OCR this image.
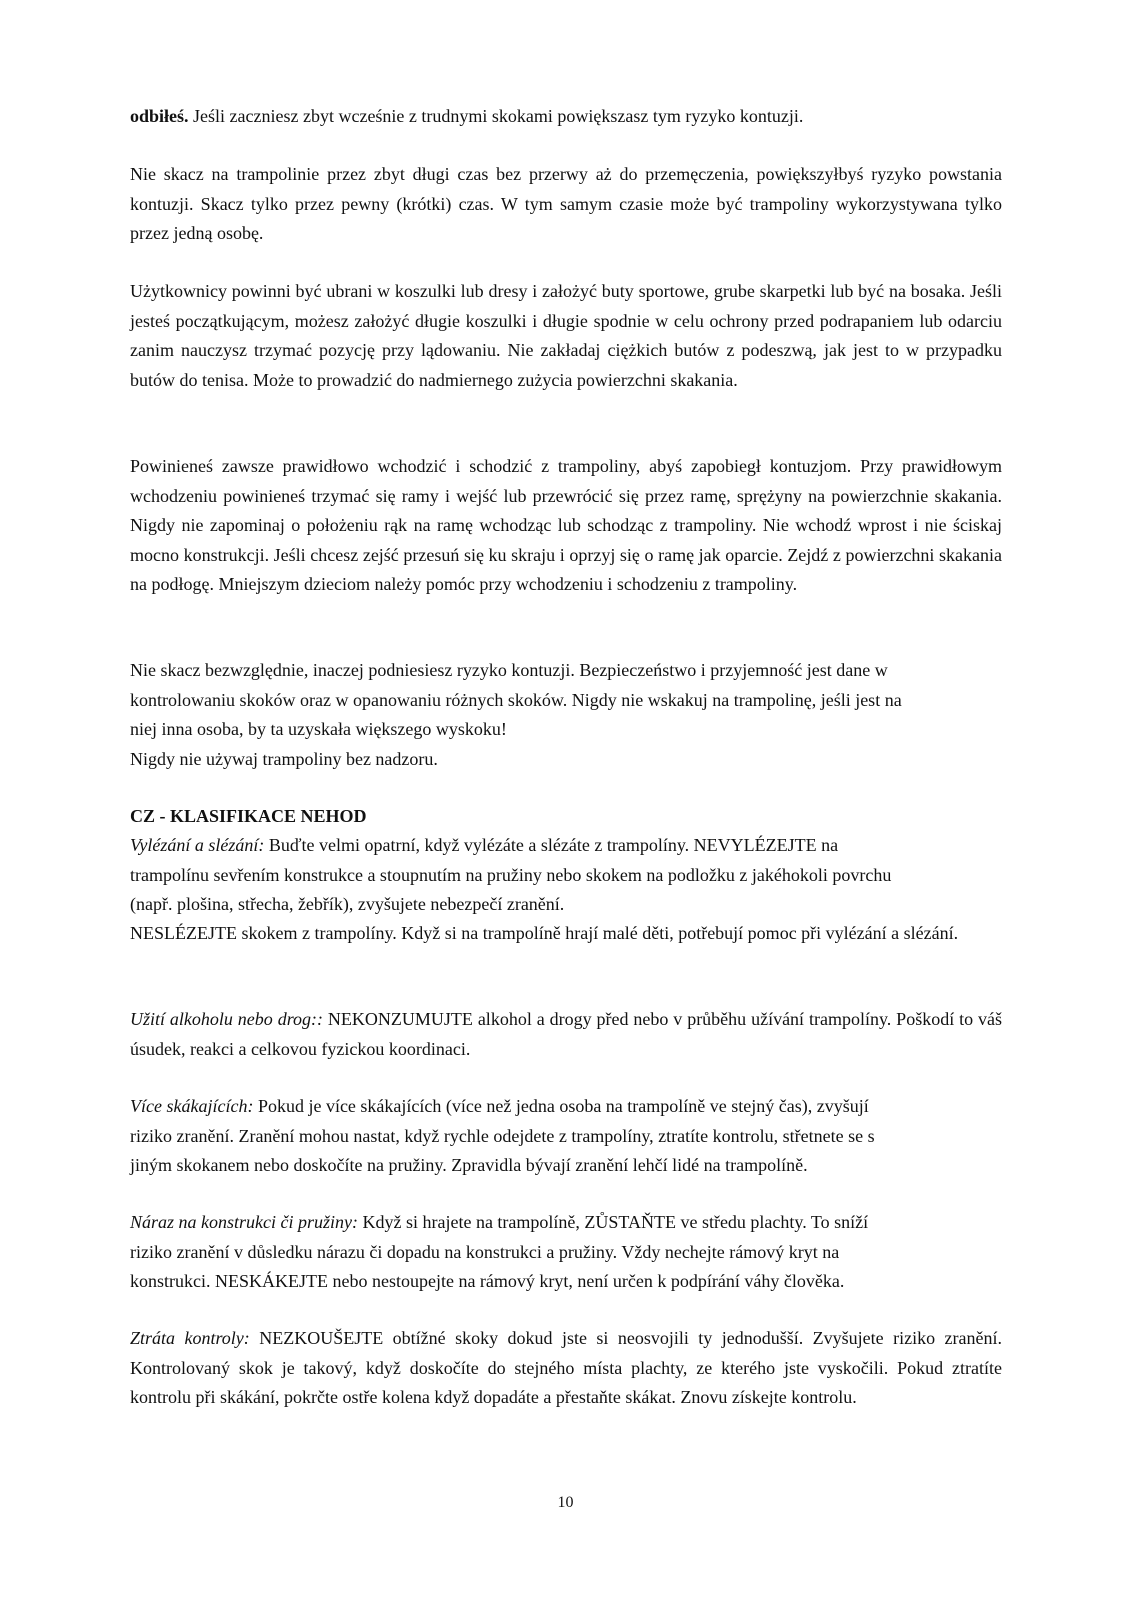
odbiłeś. Jeśli zaczniesz zbyt wcześnie z trudnymi skokami powiększasz tym ryzyko kontuzji.

Nie skacz na trampolinie przez zbyt długi czas bez przerwy aż do przemęczenia, powiększyłbyś ryzyko powstania kontuzji. Skacz tylko przez pewny (krótki) czas. W tym samym czasie może być trampoliny wykorzystywana tylko przez jedną osobę.

Użytkownicy powinni być ubrani w koszulki lub dresy i założyć buty sportowe, grube skarpetki lub być na bosaka. Jeśli jesteś początkującym, możesz założyć długie koszulki i długie spodnie w celu ochrony przed podrapaniem lub odarciu zanim nauczysz trzymać pozycję przy lądowaniu. Nie zakładaj ciężkich butów z podeszwą, jak jest to w przypadku butów do tenisa. Może to prowadzić do nadmiernego zużycia powierzchni skakania.

Powinieneś zawsze prawidłowo wchodzić i schodzić z trampoliny, abyś zapobiegł kontuzjom. Przy prawidłowym wchodzeniu powinieneś trzymać się ramy i wejść lub przewrócić się przez ramę, sprężyny na powierzchnie skakania. Nigdy nie zapominaj o położeniu rąk na ramę wchodząc lub schodząc z trampoliny. Nie wchodź wprost i nie ściskaj mocno konstrukcji. Jeśli chcesz zejść przesuń się ku skraju i oprzyj się o ramę jak oparcie. Zejdź z powierzchni skakania na podłogę. Mniejszym dzieciom należy pomóc przy wchodzeniu i schodzeniu z trampoliny.

Nie skacz bezwzględnie, inaczej podniesiesz ryzyko kontuzji. Bezpieczeństwo i przyjemność jest dane w
kontrolowaniu skoków oraz w opanowaniu różnych skoków. Nigdy nie wskakuj na trampolinę, jeśli jest na
niej inna osoba, by ta uzyskała większego wyskoku!
Nigdy nie używaj trampoliny bez nadzoru.

CZ - KLASIFIKACE NEHOD

Vylézání a slézání: Buďte velmi opatrní, když vylézáte a slézáte z trampolíny. NEVYLÉZEJTE na
trampolínu sevřením konstrukce a stoupnutím na pružiny nebo skokem na podložku z jakéhokoli povrchu
(např. plošina, střecha, žebřík), zvyšujete nebezpečí zranění.

NESLÉZEJTE skokem z trampolíny. Když si na trampolíně hrají malé děti, potřebují pomoc při vylézání a slézání.

Užití alkoholu nebo drog:: NEKONZUMUJTE alkohol a drogy před nebo v průběhu užívání trampolíny. Poškodí to váš úsudek, reakci a celkovou fyzickou koordinaci.

Více skákajících: Pokud je více skákajících (více než jedna osoba na trampolíně ve stejný čas), zvyšují
riziko zranění. Zranění mohou nastat, když rychle odejdete z trampolíny, ztratíte kontrolu, střetnete se s
jiným skokanem nebo doskočíte na pružiny. Zpravidla bývají zranění lehčí lidé na trampolíně.

Náraz na konstrukci či pružiny: Když si hrajete na trampolíně, ZŮSTAŇTE ve středu plachty. To sníží
riziko zranění v důsledku nárazu či dopadu na konstrukci a pružiny. Vždy nechejte rámový kryt na
konstrukci. NESKÁKEJTE nebo nestoupejte na rámový kryt, není určen k podpírání váhy člověka.

Ztráta kontroly: NEZKOUŠEJTE obtížné skoky dokud jste si neosvojili ty jednodušší. Zvyšujete riziko zranění. Kontrolovaný skok je takový, když doskočíte do stejného místa plachty, ze kterého jste vyskočili. Pokud ztratíte kontrolu při skákání, pokrčte ostře kolena když dopadáte a přestaňte skákat. Znovu získejte kontrolu.

10
